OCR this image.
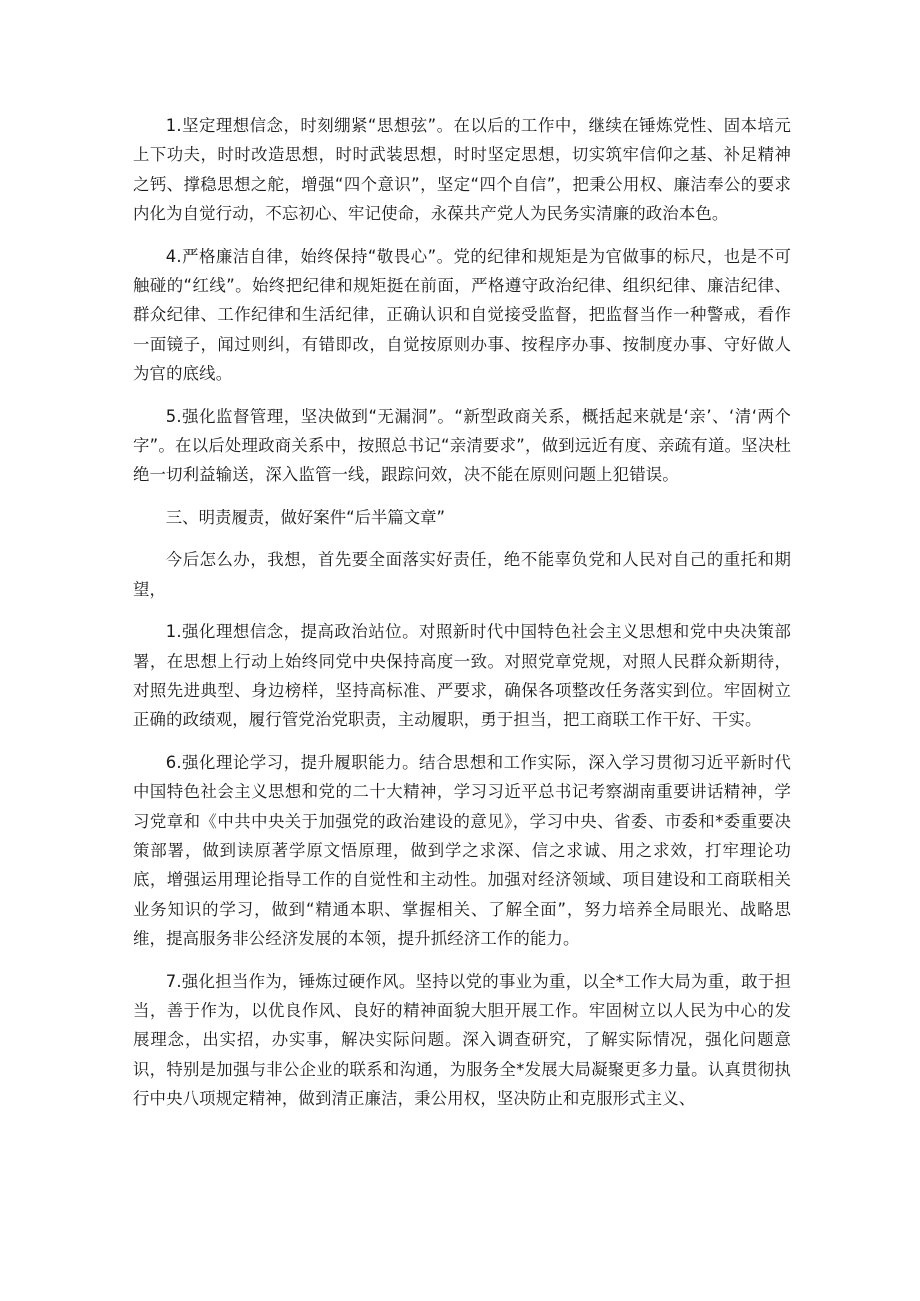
1.坚定理想信念，时刻绷紧“思想弦”。在以后的工作中，继续在锤炼党性、固本培元上下功夫，时时改造思想，时时武装思想，时时坚定思想，切实筑牢信仰之基、补足精神之钙、撑稳思想之舵，增强“四个意识”，坚定“四个自信”，把秉公用权、廉洁奉公的要求内化为自觉行动，不忘初心、牢记使命，永葆共产党人为民务实清廉的政治本色。

4.严格廉洁自律，始终保持“敬畏心”。党的纪律和规矩是为官做事的标尺，也是不可触碰的“红线”。始终把纪律和规矩挺在前面，严格遵守政治纪律、组织纪律、廉洁纪律、群众纪律、工作纪律和生活纪律，正确认识和自觉接受监督，把监督当作一种警戒，看作一面镜子，闻过则纠，有错即改，自觉按原则办事、按程序办事、按制度办事、守好做人为官的底线。

5.强化监督管理，坚决做到“无漏洞”。“新型政商关系，概括起来就是‘亲’、‘清‘两个字”。在以后处理政商关系中，按照总书记“亲清要求”，做到远近有度、亲疏有道。坚决杜绝一切利益输送，深入监管一线，跟踪问效，决不能在原则问题上犯错误。

三、明责履责，做好案件“后半篇文章”

今后怎么办，我想，首先要全面落实好责任，绝不能辜负党和人民对自己的重托和期望，

1.强化理想信念，提高政治站位。对照新时代中国特色社会主义思想和党中央决策部署，在思想上行动上始终同党中央保持高度一致。对照党章党规，对照人民群众新期待，对照先进典型、身边榜样，坚持高标准、严要求，确保各项整改任务落实到位。牢固树立正确的政绩观，履行管党治党职责，主动履职，勇于担当，把工商联工作干好、干实。

6.强化理论学习，提升履职能力。结合思想和工作实际，深入学习贯彻习近平新时代中国特色社会主义思想和党的二十大精神，学习习近平总书记考察湖南重要讲话精神，学习党章和《中共中央关于加强党的政治建设的意见》，学习中央、省委、市委和*委重要决策部署，做到读原著学原文悟原理，做到学之求深、信之求诚、用之求效，打牢理论功底，增强运用理论指导工作的自觉性和主动性。加强对经济领域、项目建设和工商联相关业务知识的学习，做到“精通本职、掌握相关、了解全面”，努力培养全局眼光、战略思维，提高服务非公经济发展的本领，提升抓经济工作的能力。

7.强化担当作为，锤炼过硬作风。坚持以党的事业为重，以全*工作大局为重，敢于担当，善于作为，以优良作风、良好的精神面貌大胆开展工作。牢固树立以人民为中心的发展理念，出实招，办实事，解决实际问题。深入调查研究，了解实际情况，强化问题意识，特别是加强与非公企业的联系和沟通，为服务全*发展大局凝聚更多力量。认真贯彻执行中央八项规定精神，做到清正廉洁，秉公用权，坚决防止和克服形式主义、
